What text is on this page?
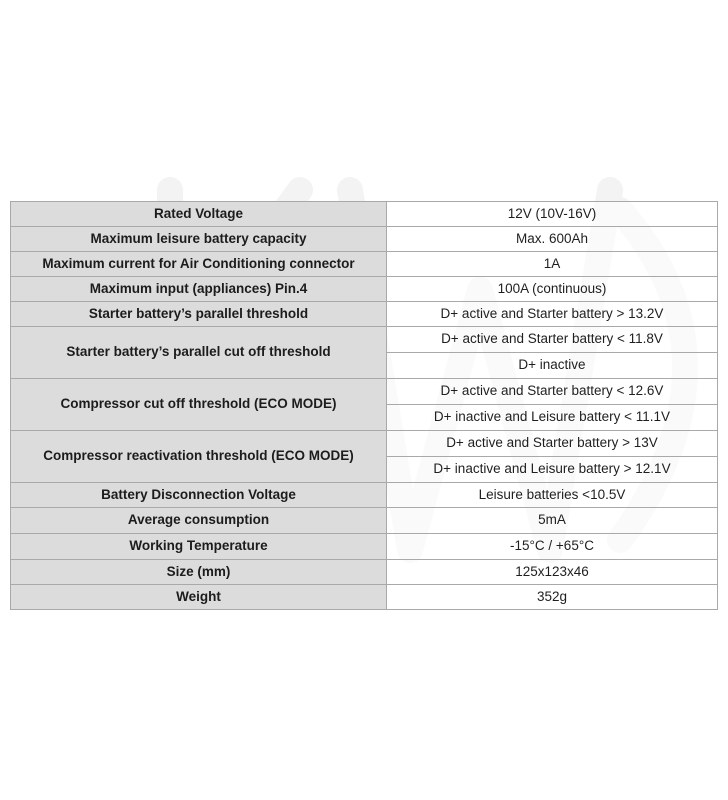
Rated Voltage	12V (10V-16V)
Maximum leisure battery capacity	Max. 600Ah
Maximum current for Air Conditioning connector	1A
Maximum input (appliances) Pin.4	100A (continuous)
Starter battery’s parallel threshold	D+ active and Starter battery > 13.2V
Starter battery’s parallel cut off threshold	D+ active and Starter battery < 11.8V
	D+ inactive
Compressor cut off threshold (ECO MODE)	D+ active and Starter battery < 12.6V
	D+ inactive and Leisure battery < 11.1V
Compressor reactivation threshold (ECO MODE)	D+ active and Starter battery > 13V
	D+ inactive and Leisure battery > 12.1V
Battery Disconnection Voltage	Leisure batteries <10.5V
Average consumption	5mA
Working Temperature	-15°C / +65°C
Size (mm)	125x123x46
Weight	352g
